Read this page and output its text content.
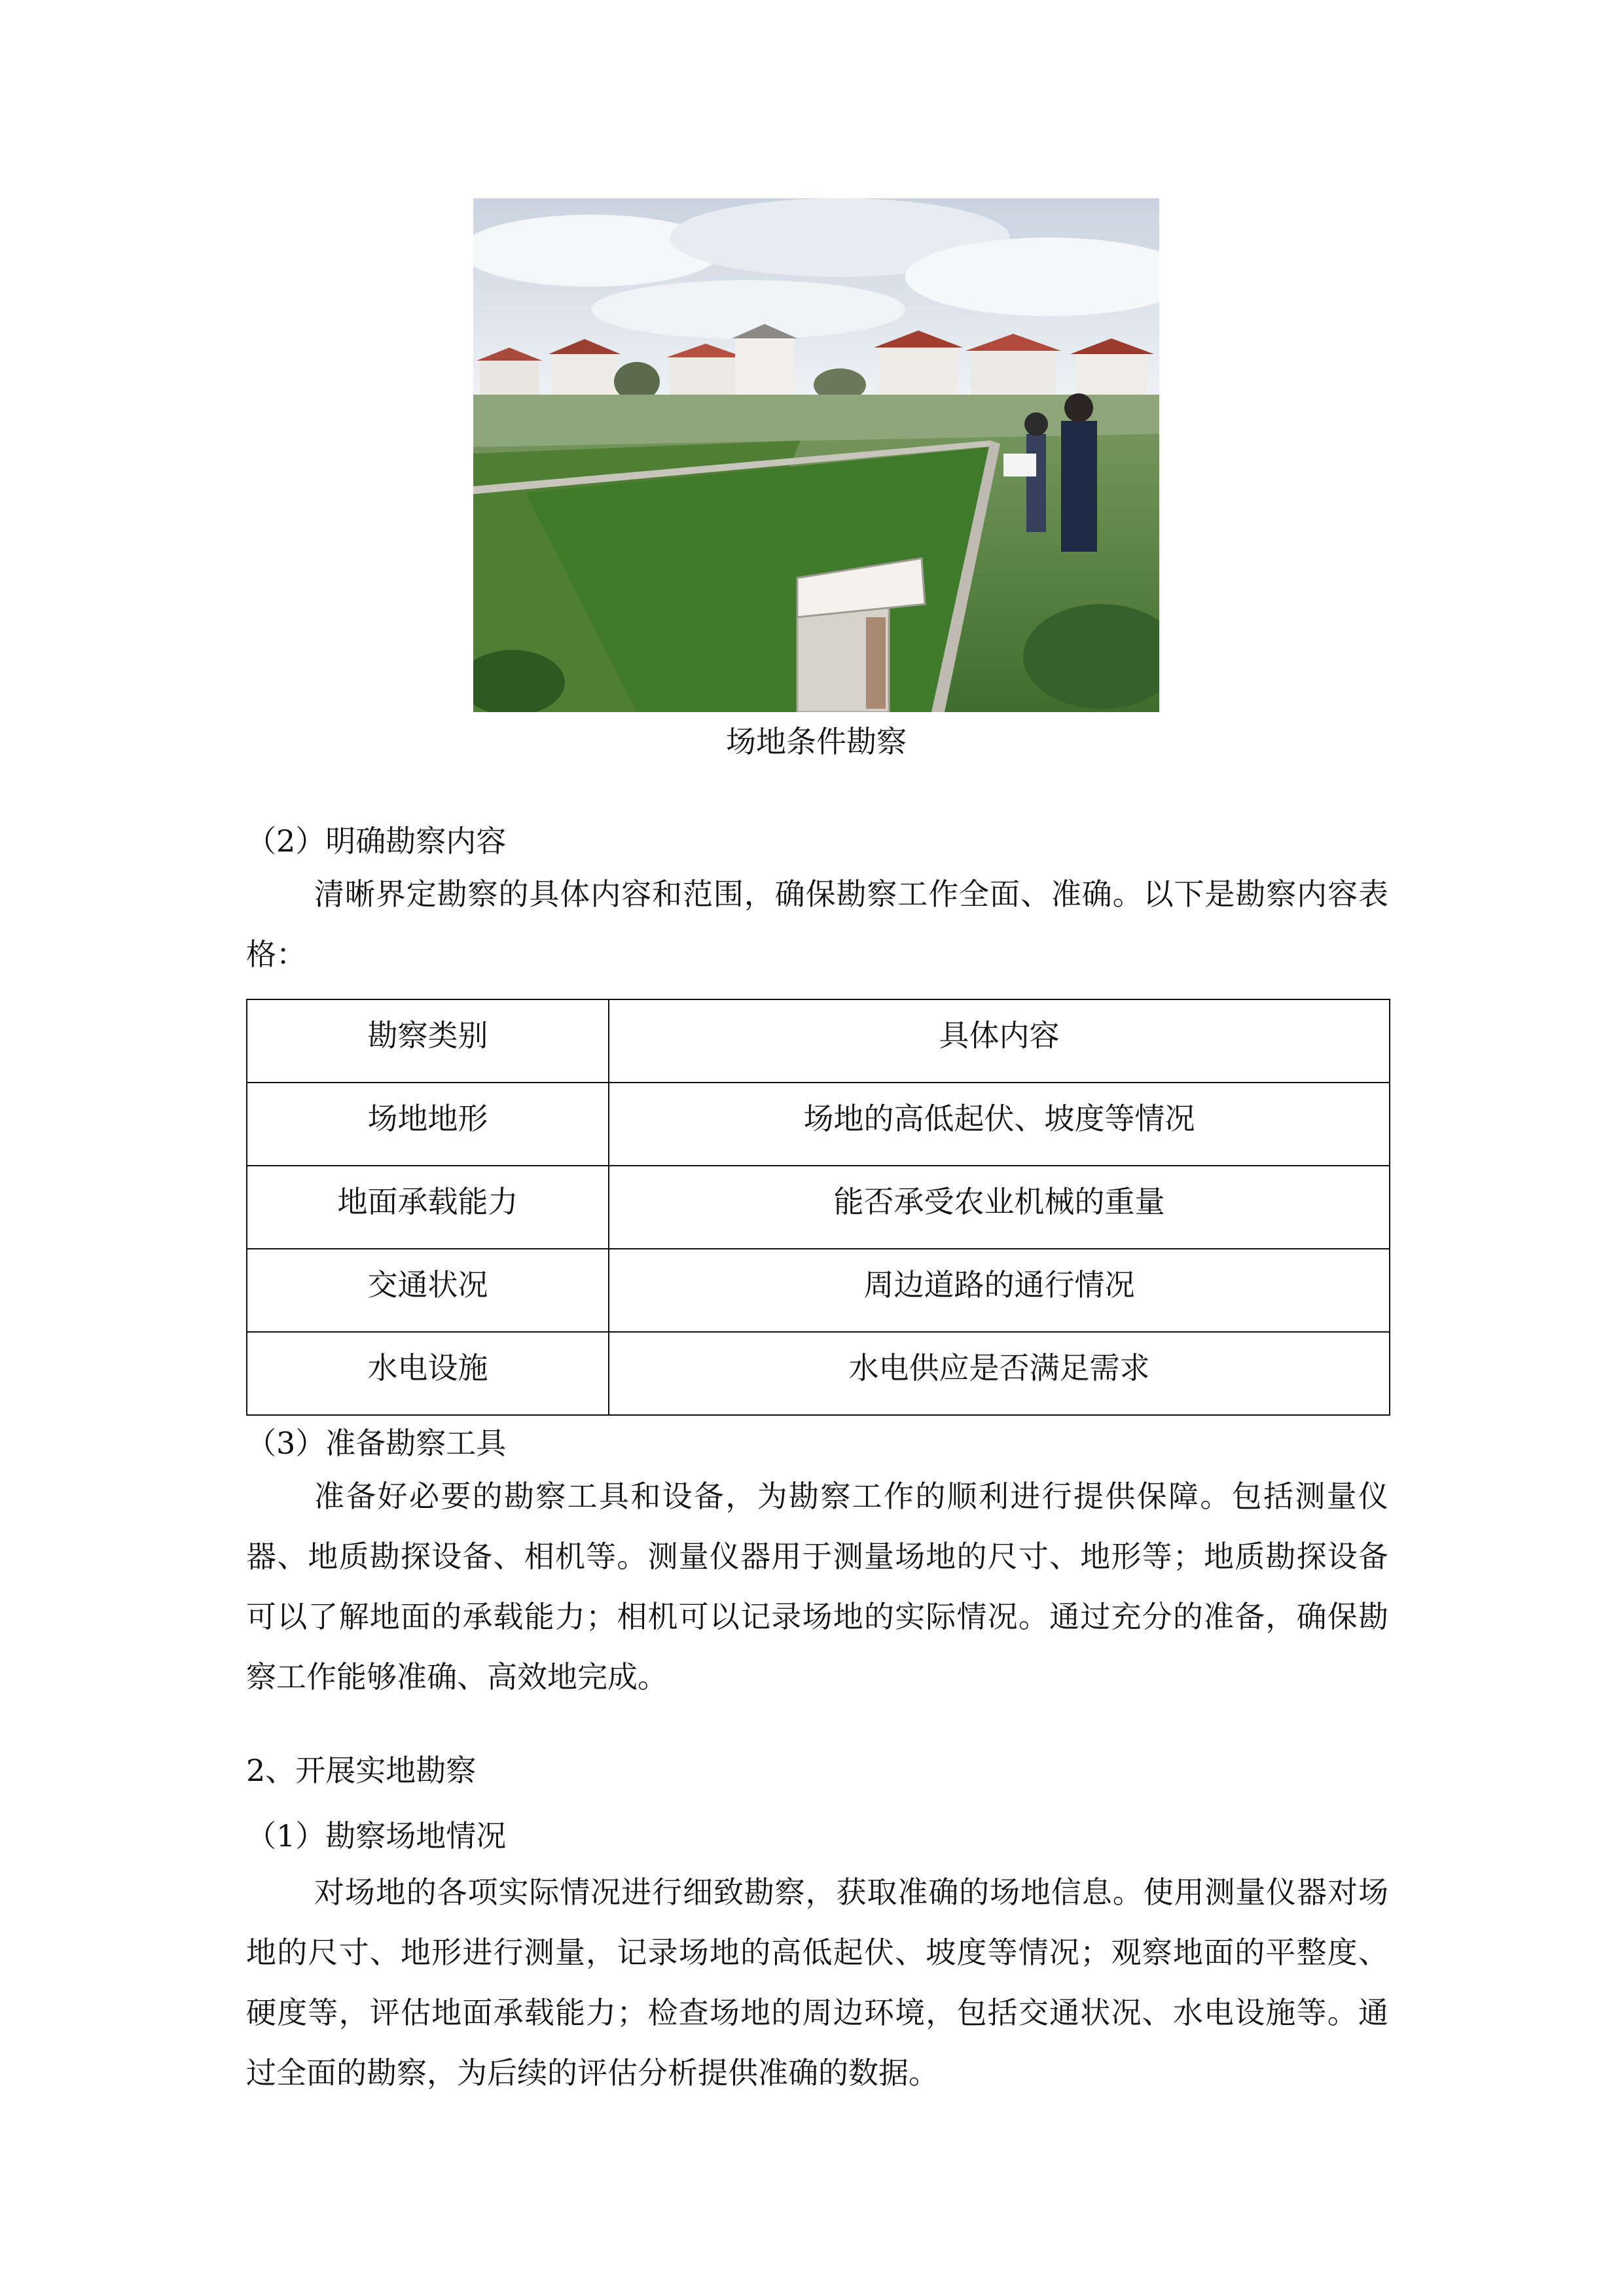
场地条件勘察
（2）明确勘察内容

清晰界定勘察的具体内容和范围，确保勘察工作全面、准确。以下是勘察内容表格：

勘察类别	具体内容
场地地形	场地的高低起伏、坡度等情况
地面承载能力	能否承受农业机械的重量
交通状况	周边道路的通行情况
水电设施	水电供应是否满足需求
（3）准备勘察工具

准备好必要的勘察工具和设备，为勘察工作的顺利进行提供保障。包括测量仪器、地质勘探设备、相机等。测量仪器用于测量场地的尺寸、地形等；地质勘探设备可以了解地面的承载能力；相机可以记录场地的实际情况。通过充分的准备，确保勘察工作能够准确、高效地完成。

2、开展实地勘察
（1）勘察场地情况

对场地的各项实际情况进行细致勘察，获取准确的场地信息。使用测量仪器对场地的尺寸、地形进行测量，记录场地的高低起伏、坡度等情况；观察地面的平整度、硬度等，评估地面承载能力；检查场地的周边环境，包括交通状况、水电设施等。通过全面的勘察，为后续的评估分析提供准确的数据。
